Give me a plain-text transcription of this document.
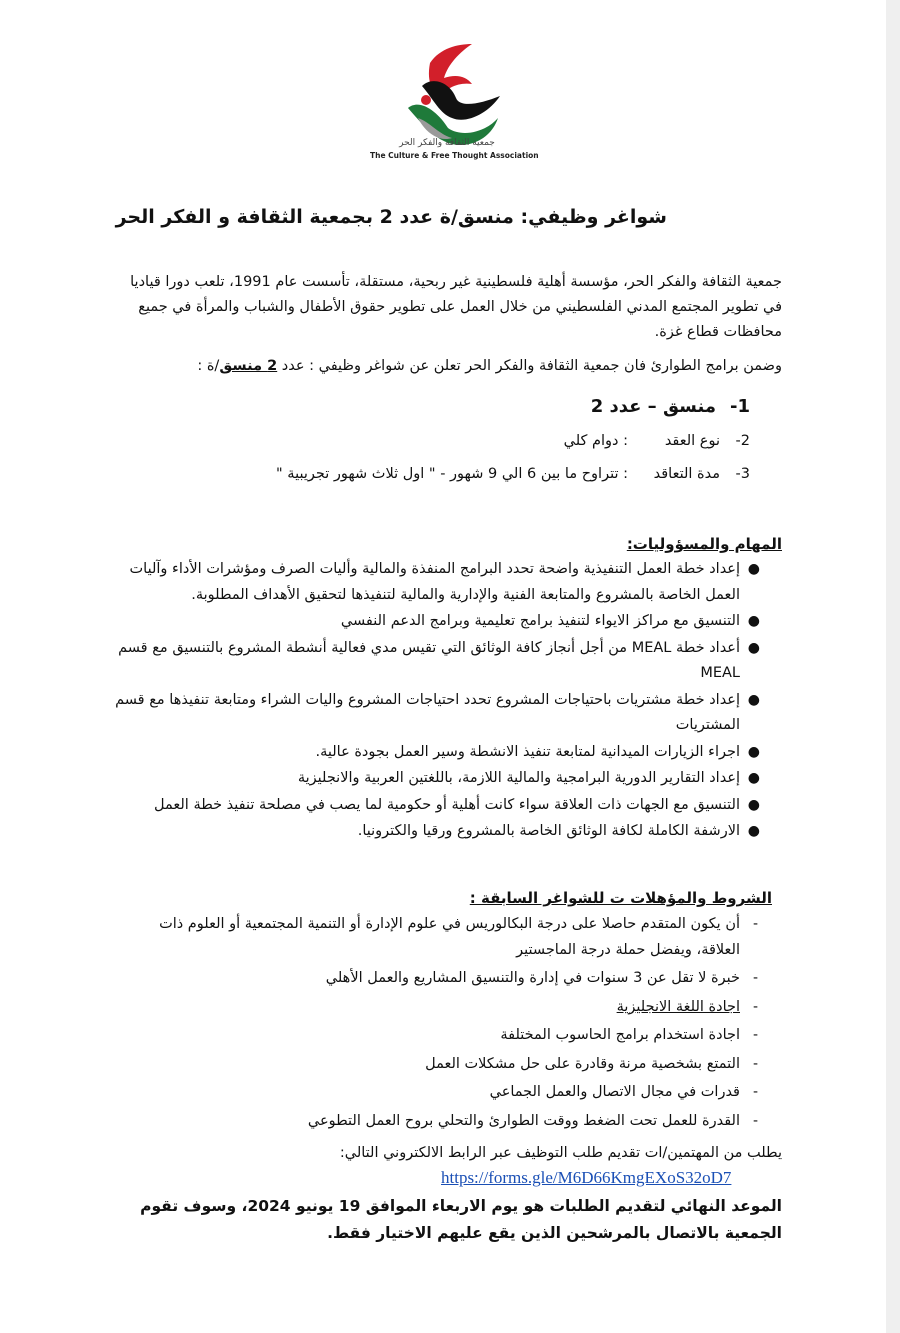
جمعية الثقافة والفكر الحر
The Culture & Free Thought Association
شواغر وظيفي: منسق/ة عدد 2 بجمعية الثقافة و الفكر الحر
جمعية الثقافة والفكر الحر، مؤسسة أهلية فلسطينية غير ربحية، مستقلة، تأسست عام 1991، تلعب دورا قياديا في تطوير المجتمع المدني الفلسطيني من خلال العمل على تطوير حقوق الأطفال والشباب والمرأة في جميع محافظات قطاع غزة.
وضمن برامج الطوارئ فان جمعية الثقافة والفكر الحر تعلن عن شواغر وظيفي : عدد 2 منسق/ة :
1-منسق – عدد 2
2-نوع العقد: دوام كلي
3-مدة التعاقد: تتراوح ما بين 6 الي 9 شهور - " اول ثلاث شهور تجريبية "
المهام والمسؤوليات:
●
إعداد خطة العمل التنفيذية واضحة تحدد البرامج المنفذة والمالية وأليات الصرف ومؤشرات الأداء وآليات العمل الخاصة بالمشروع والمتابعة الفنية والإدارية والمالية لتنفيذها لتحقيق الأهداف المطلوبة.
●
التنسيق مع مراكز الايواء لتنفيذ برامج تعليمية وبرامج الدعم النفسي
●
أعداد خطة MEAL من أجل أنجاز كافة الوثائق التي تقيس مدي فعالية أنشطة المشروع بالتنسيق مع قسم MEAL
●
إعداد خطة مشتريات باحتياجات المشروع تحدد احتياجات المشروع واليات الشراء ومتابعة تنفيذها مع قسم المشتريات
●
اجراء الزيارات الميدانية لمتابعة تنفيذ الانشطة وسير العمل بجودة عالية.
●
إعداد التقارير الدورية البرامجية والمالية اللازمة، باللغتين العربية والانجليزية
●
التنسيق مع الجهات ذات العلاقة سواء كانت أهلية أو حكومية لما يصب في مصلحة تنفيذ خطة العمل
●
الارشفة الكاملة لكافة الوثائق الخاصة بالمشروع ورقيا والكترونيا.
الشروط والمؤهلات ت للشواغر السابقة :
-
أن يكون المتقدم حاصلا على درجة البكالوريس في علوم الإدارة أو التنمية المجتمعية أو العلوم ذات العلاقة، ويفضل حملة درجة الماجستير
-
خبرة لا تقل عن 3 سنوات في إدارة والتنسيق المشاريع والعمل الأهلي
-
اجادة اللغة الانجليزية
-
اجادة استخدام برامج الحاسوب المختلفة
-
التمتع بشخصية مرنة وقادرة على حل مشكلات العمل
-
قدرات في مجال الاتصال والعمل الجماعي
-
القدرة للعمل تحت الضغط ووقت الطوارئ والتحلي بروح العمل التطوعي
يطلب من المهتمين/ات تقديم طلب التوظيف عبر الرابط الالكتروني التالي:
https://forms.gle/M6D66KmgEXoS32oD7
الموعد النهائي لتقديم الطلبات هو يوم الاربعاء الموافق 19 يونيو 2024، وسوف تقوم الجمعية بالاتصال بالمرشحين الذين يقع عليهم الاختيار فقط.
